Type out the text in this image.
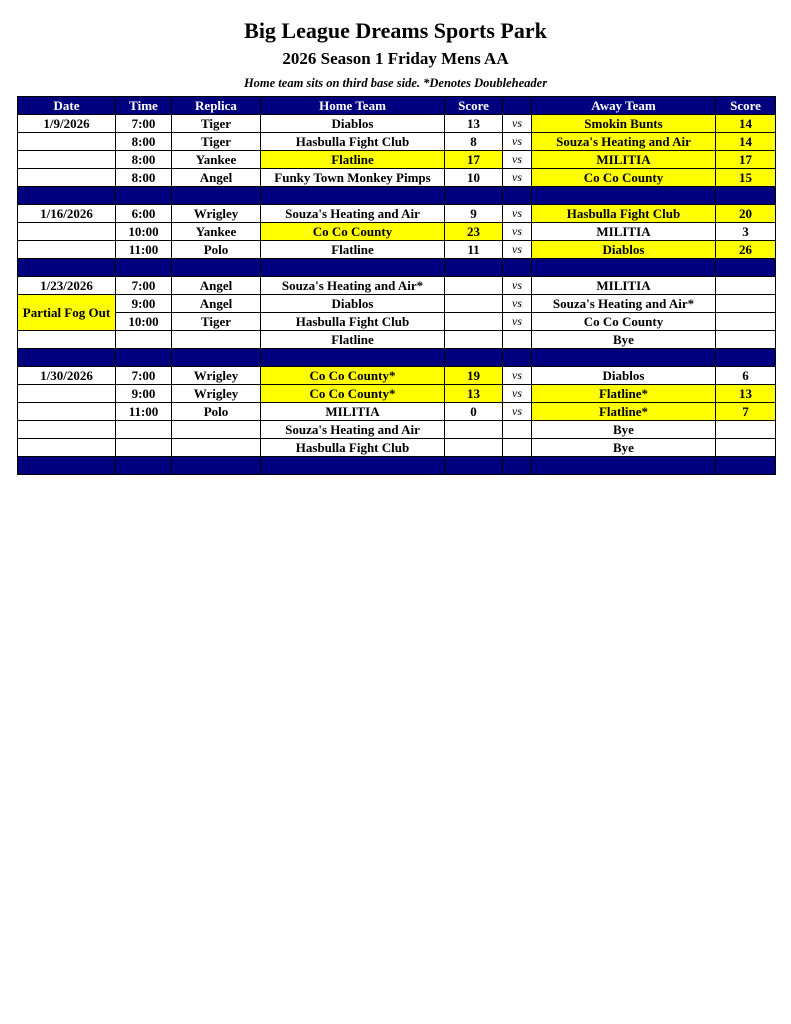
Big League Dreams Sports Park
2026 Season 1 Friday Mens AA
Home team sits on third base side. *Denotes Doubleheader
Date	Time	Replica	Home Team	Score		Away Team	Score
1/9/2026	7:00	Tiger	Diablos	13	vs	Smokin Bunts	14
	8:00	Tiger	Hasbulla Fight Club	8	vs	Souza's Heating and Air	14
	8:00	Yankee	Flatline	17	vs	MILITIA	17
	8:00	Angel	Funky Town Monkey Pimps	10	vs	Co Co County	15

1/16/2026	6:00	Wrigley	Souza's Heating and Air	9	vs	Hasbulla Fight Club	20
	10:00	Yankee	Co Co County	23	vs	MILITIA	3
	11:00	Polo	Flatline	11	vs	Diablos	26

1/23/2026	7:00	Angel	Souza's Heating and Air*		vs	MILITIA	
Partial Fog Out	9:00	Angel	Diablos		vs	Souza's Heating and Air*	
	10:00	Tiger	Hasbulla Fight Club		vs	Co Co County	
			Flatline			Bye	

1/30/2026	7:00	Wrigley	Co Co County*	19	vs	Diablos	6
	9:00	Wrigley	Co Co County*	13	vs	Flatline*	13
	11:00	Polo	MILITIA	0	vs	Flatline*	7
			Souza's Heating and Air			Bye	
			Hasbulla Fight Club			Bye	
